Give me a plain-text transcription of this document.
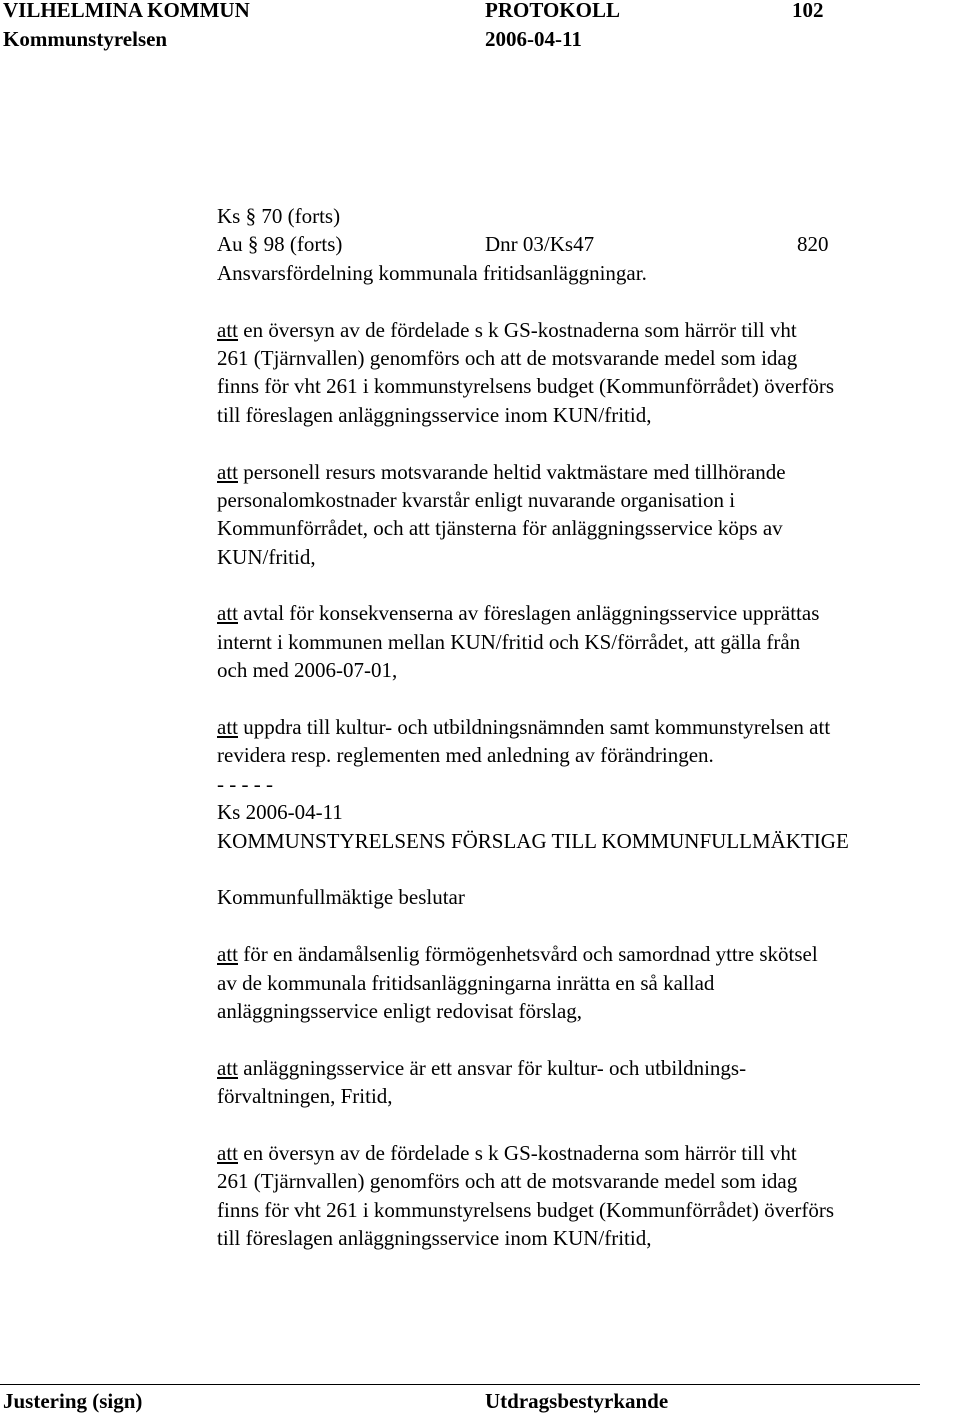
VILHELMINA KOMMUN	PROTOKOLL	102
Kommunstyrelsen	2006-04-11
Ks § 70 (forts)
Au § 98 (forts)	Dnr 03/Ks47	820
Ansvarsfördelning kommunala fritidsanläggningar.
att en översyn av de fördelade s k GS-kostnaderna som härrör till vht
261 (Tjärnvallen) genomförs och att de motsvarande medel som idag
finns för vht 261 i kommunstyrelsens budget (Kommunförrådet) överförs
till föreslagen anläggningsservice inom KUN/fritid,
att personell resurs motsvarande heltid vaktmästare med tillhörande
personalomkostnader kvarstår enligt nuvarande organisation i
Kommunförrådet, och att tjänsterna för anläggningsservice köps av
KUN/fritid,
att avtal för konsekvenserna av föreslagen anläggningsservice upprättas
internt i kommunen mellan KUN/fritid och KS/förrådet, att gälla från
och med 2006-07-01,
att uppdra till kultur- och utbildningsnämnden samt kommunstyrelsen att
revidera resp. reglementen med anledning av förändringen.
- - - - -
Ks 2006-04-11
KOMMUNSTYRELSENS FÖRSLAG TILL KOMMUNFULLMÄKTIGE
Kommunfullmäktige beslutar
att för en ändamålsenlig förmögenhetsvård och samordnad yttre skötsel
av de kommunala fritidsanläggningarna inrätta en så kallad
anläggningsservice enligt redovisat förslag,
att anläggningsservice är ett ansvar för kultur- och utbildnings-
förvaltningen, Fritid,
att en översyn av de fördelade s k GS-kostnaderna som härrör till vht
261 (Tjärnvallen) genomförs och att de motsvarande medel som idag
finns för vht 261 i kommunstyrelsens budget (Kommunförrådet) överförs
till föreslagen anläggningsservice inom KUN/fritid,
Justering (sign)	Utdragsbestyrkande
